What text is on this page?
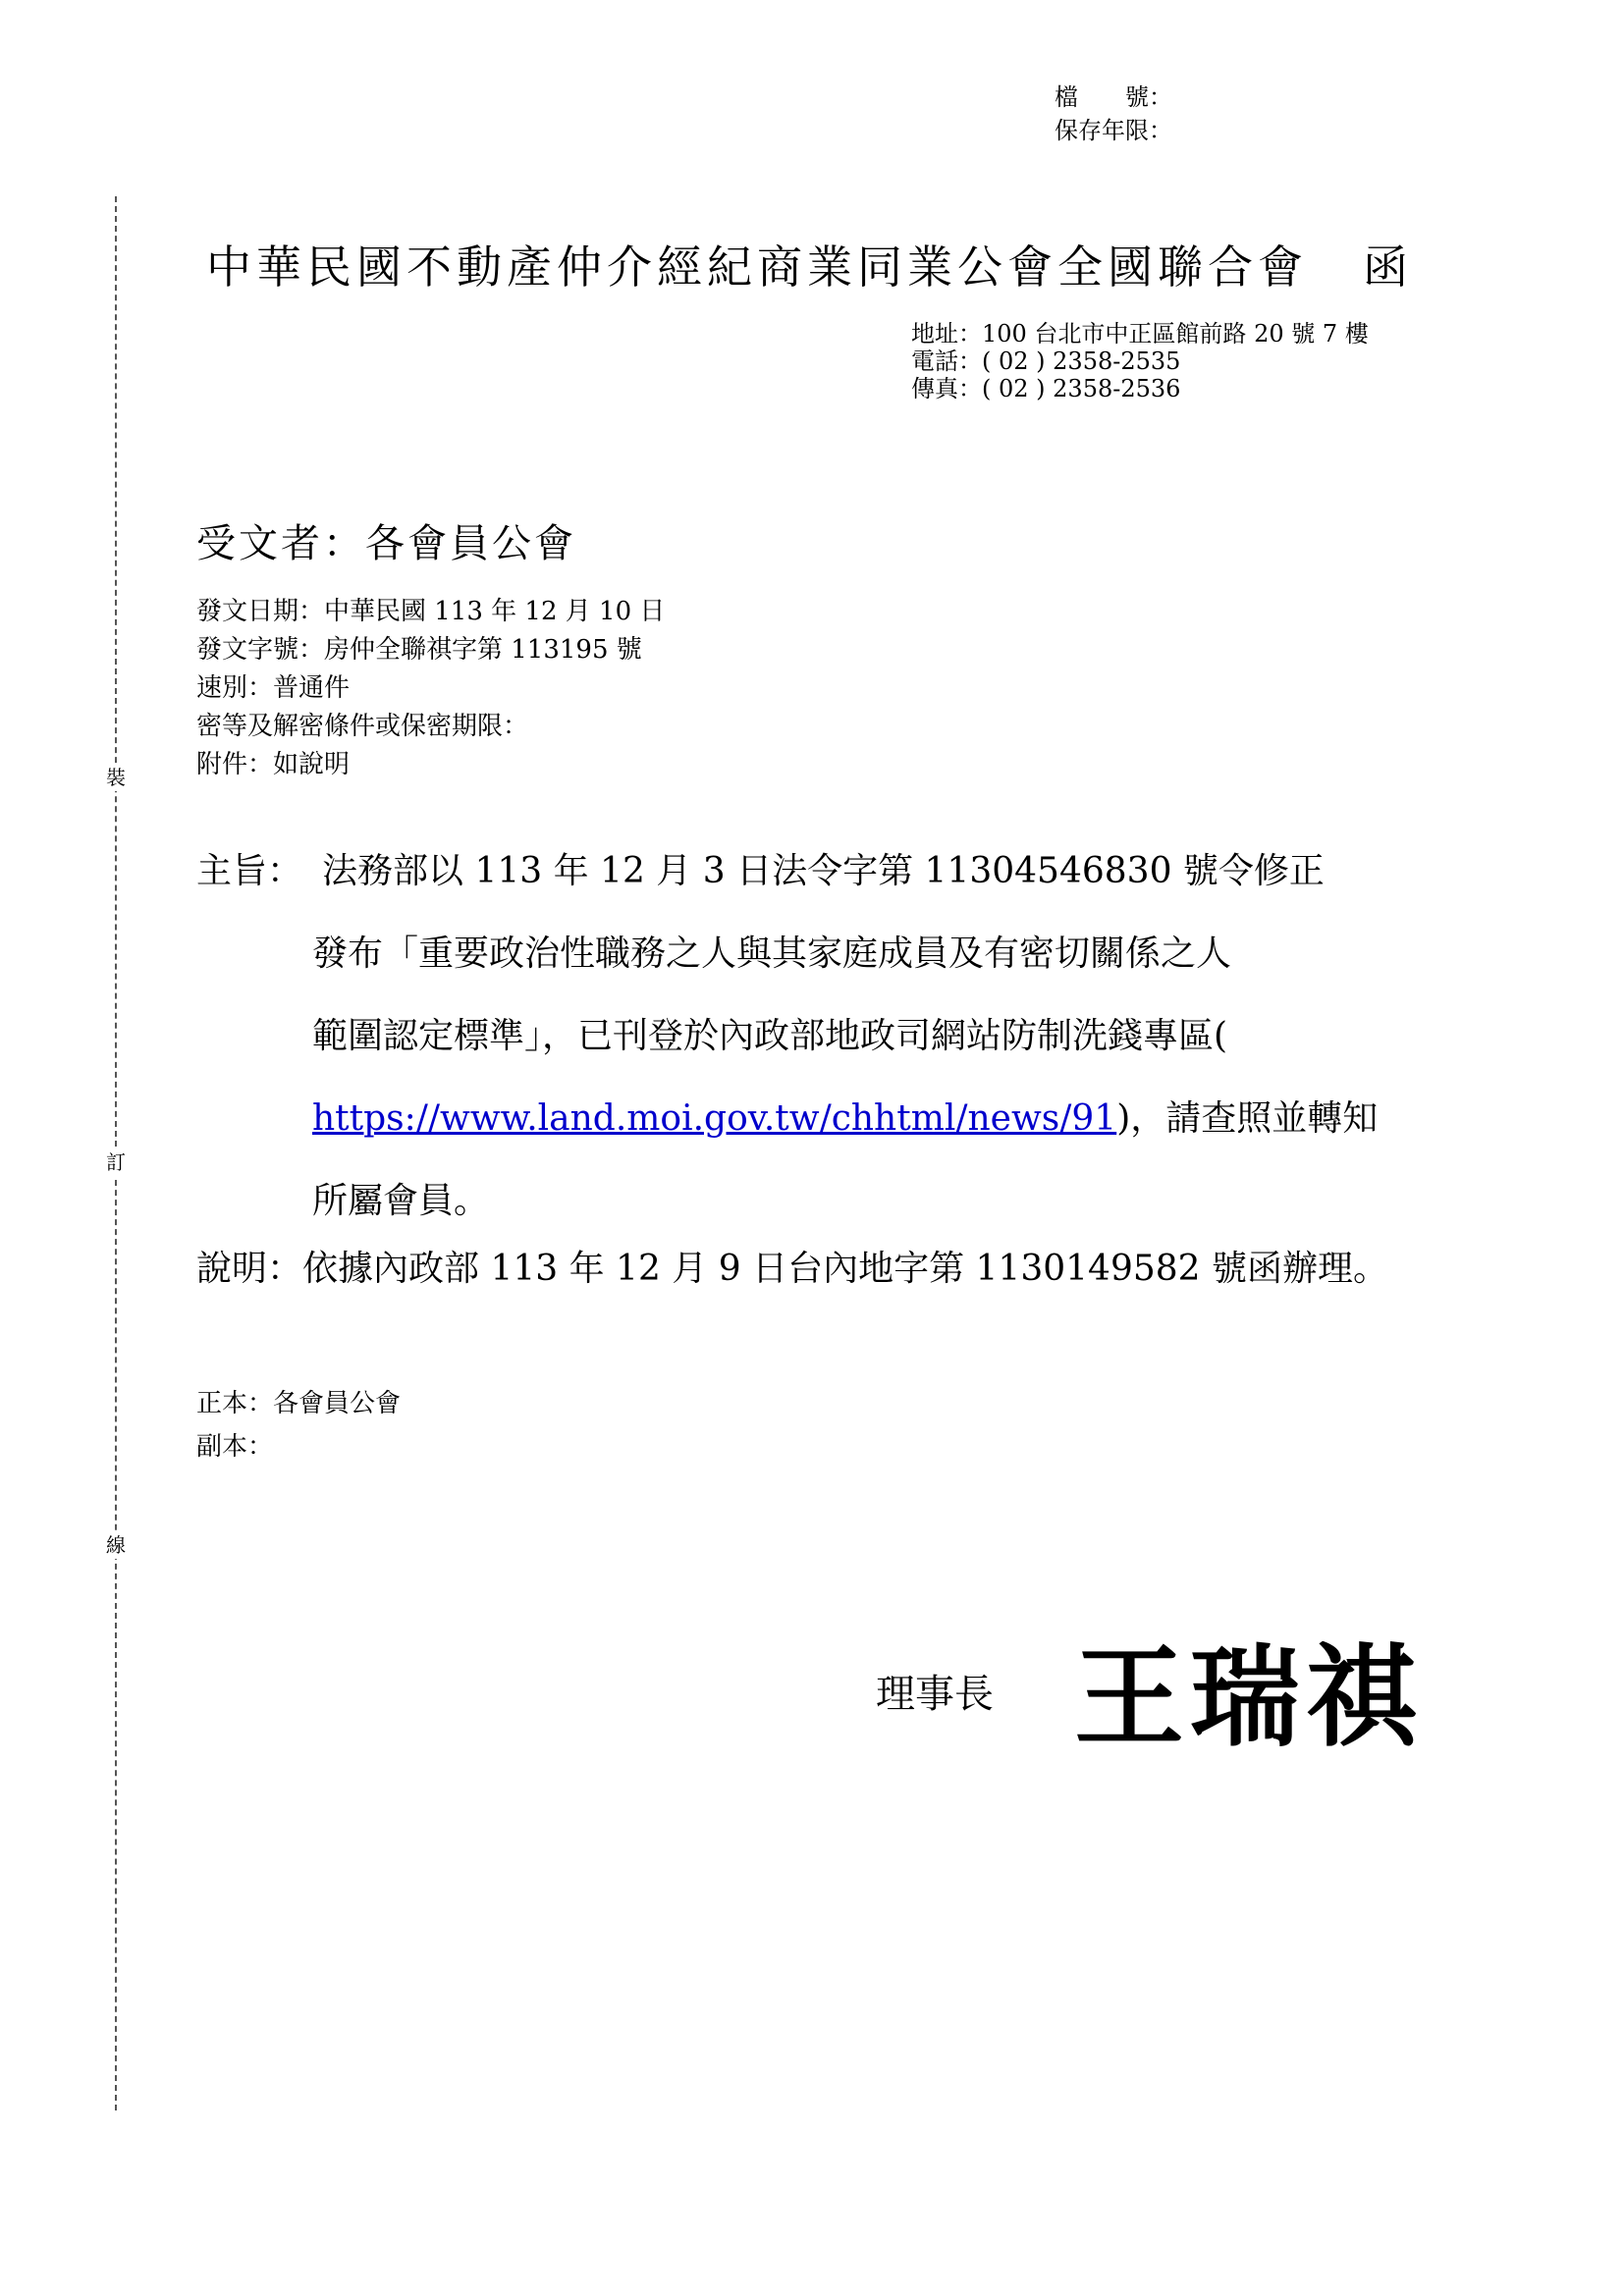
檔　　號：
保存年限：
裝
訂
線
中華民國不動產仲介經紀商業同業公會全國聯合會 函
地址：100 台北市中正區館前路 20 號 7 樓
電話：( 02 ) 2358-2535
傳真：( 02 ) 2358-2536
受文者：各會員公會
發文日期：中華民國 113 年 12 月 10 日
發文字號：房仲全聯祺字第 113195 號
速別：普通件
密等及解密條件或保密期限：
附件：如說明
主旨： 法務部以 113 年 12 月 3 日法令字第 11304546830 號令修正
發布「重要政治性職務之人與其家庭成員及有密切關係之人
範圍認定標準」，已刊登於內政部地政司網站防制洗錢專區(
https://www.land.moi.gov.tw/chhtml/news/91)，請查照並轉知
所屬會員。
說明：依據內政部 113 年 12 月 9 日台內地字第 1130149582 號函辦理。
正本：各會員公會
副本：
理事長 王瑞祺
